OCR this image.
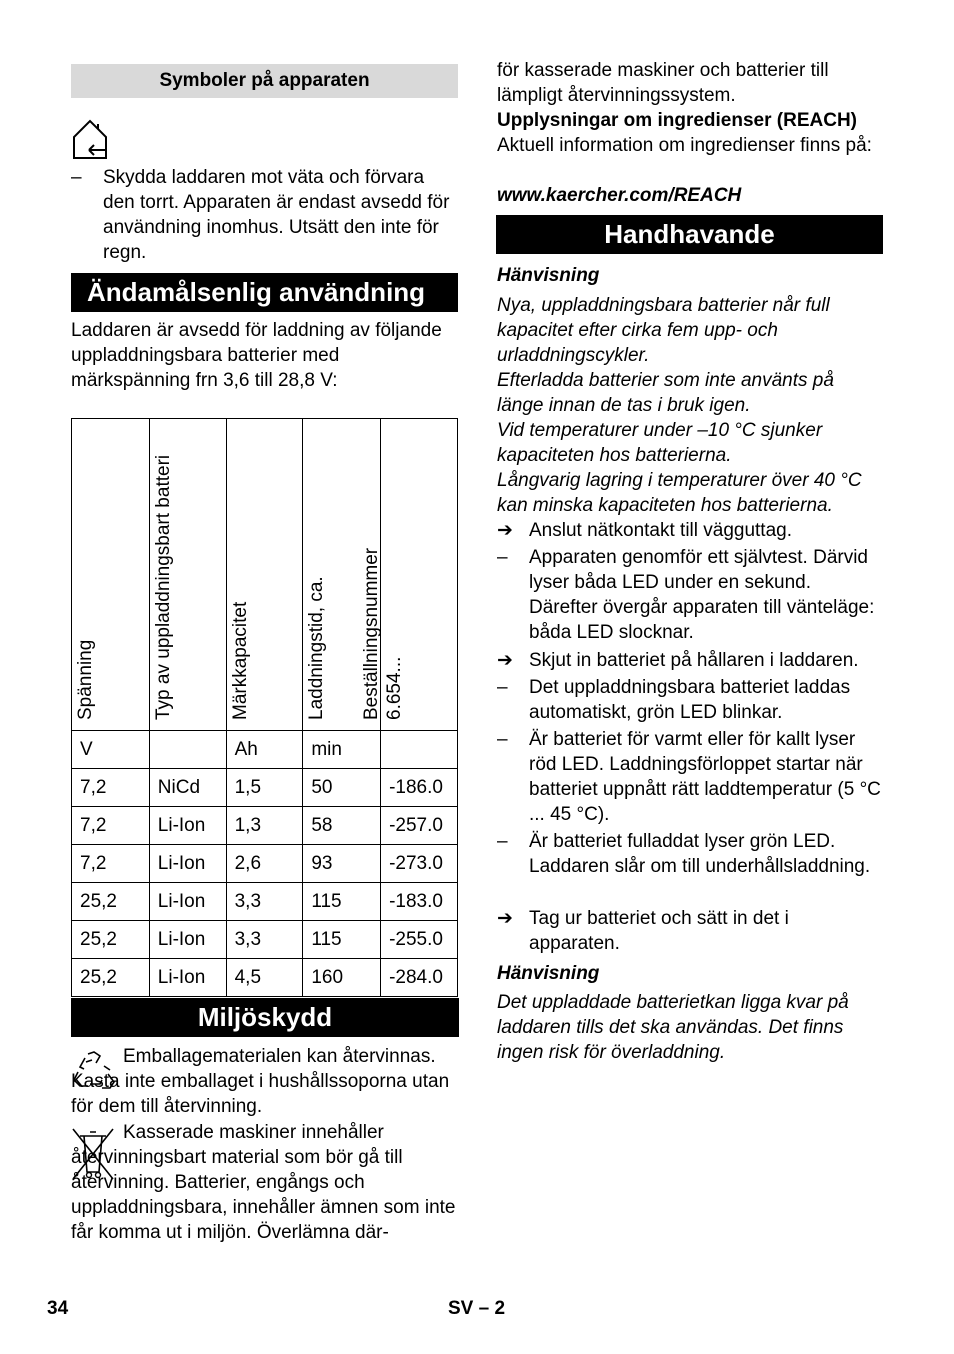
Symboler på apparaten
– Skydda laddaren mot väta och förvara den torrt. Apparaten är endast avsedd för användning inomhus. Utsätt den inte för regn.
Ändamålsenlig användning

Laddaren är avsedd för laddning av följande uppladdningsbara batterier med märkspänning frn 3,6 till 28,8 V:

Spänning	Typ av uppladdningsbart batteri	Märkkapacitet	Laddningstid, ca.	Beställningsnummer 6.654...

V		Ah	min	
7,2	NiCd	1,5	50	-186.0
7,2	Li-Ion	1,3	58	-257.0
7,2	Li-Ion	2,6	93	-273.0
25,2	Li-Ion	3,3	115	-183.0
25,2	Li-Ion	3,3	115	-255.0
25,2	Li-Ion	4,5	160	-284.0
Miljöskydd

Emballagematerialen kan återvinnas. Kasta inte emballaget i hushållssoporna utan för dem till återvinning.

Kasserade maskiner innehåller återvinningsbart material som bör gå till återvinning. Batterier, engångs och uppladdningsbara, innehåller ämnen som inte får komma ut i miljön. Överlämna där-

för kasserade maskiner och batterier till lämpligt återvinningssystem.

Upplysningar om ingredienser (REACH)

Aktuell information om ingredienser finns på:

www.kaercher.com/REACH

Handhavande

Hänvisning

Nya, uppladdningsbara batterier når full kapacitet efter cirka fem upp- och urladdningscykler.

Efterladda batterier som inte använts på länge innan de tas i bruk igen.

Vid temperaturer under –10 °C sjunker kapaciteten hos batterierna.

Långvarig lagring i temperaturer över 40 °C kan minska kapaciteten hos batterierna.

➔ Anslut nätkontakt till vägguttag.
– Apparaten genomför ett självtest. Därvid lyser båda LED under en sekund. Därefter övergår apparaten till vänteläge: båda LED slocknar.
➔ Skjut in batteriet på hållaren i laddaren.
– Det uppladdningsbara batteriet laddas automatiskt, grön LED blinkar.
– Är batteriet för varmt eller för kallt lyser röd LED. Laddningsförloppet startar när batteriet uppnått rätt laddtemperatur (5 °C ... 45 °C).
– Är batteriet fulladdat lyser grön LED. Laddaren slår om till underhållsladdning.
➔ Tag ur batteriet och sätt in det i apparaten.

Hänvisning

Det uppladdade batterietkan ligga kvar på laddaren tills det ska användas. Det finns ingen risk för överladdning.

34	SV – 2
